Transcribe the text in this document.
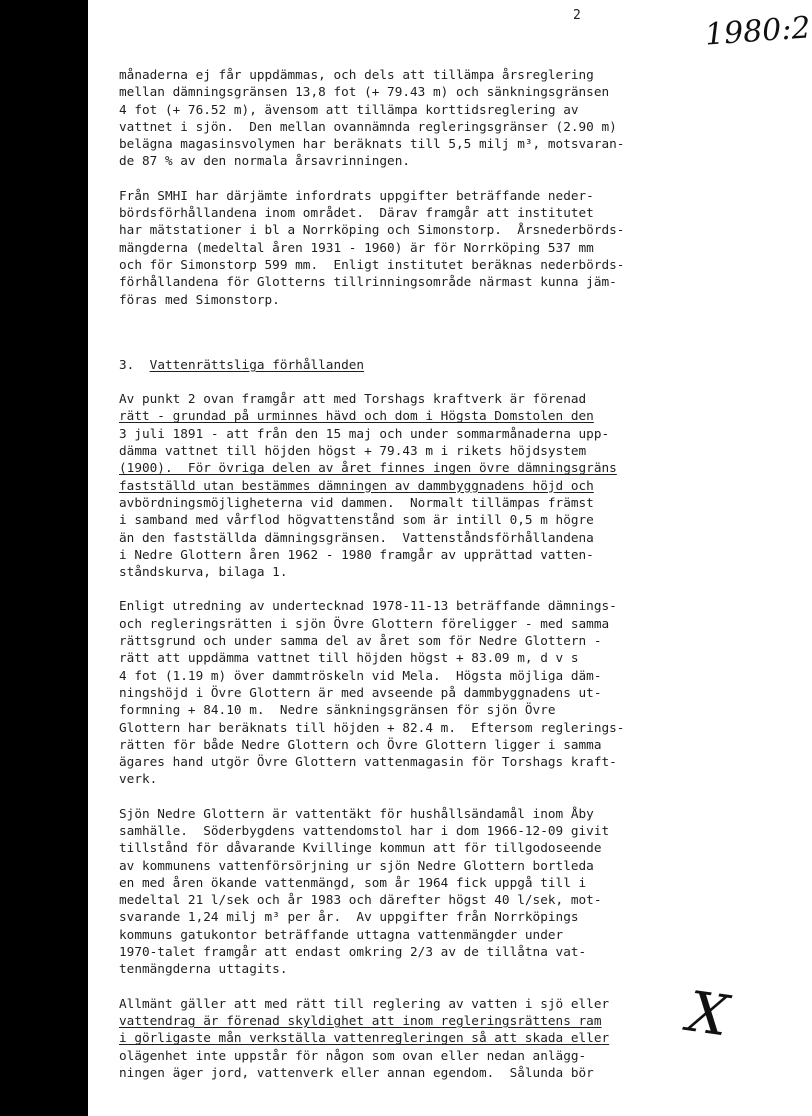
2	1980:2
X
månaderna ej får uppdämmas, och dels att tillämpa årsreglering
mellan dämningsgränsen 13,8 fot (+ 79.43 m) och sänkningsgränsen
4 fot (+ 76.52 m), ävensom att tillämpa korttidsreglering av
vattnet i sjön.  Den mellan ovannämnda regleringsgränser (2.90 m)
belägna magasinsvolymen har beräknats till 5,5 milj m³, motsvaran-
de 87 % av den normala årsavrinningen.
Från SMHI har därjämte infordrats uppgifter beträffande neder-
bördsförhållandena inom området.  Därav framgår att institutet
har mätstationer i bl a Norrköping och Simonstorp.  Årsnederbörds-
mängderna (medeltal åren 1931 - 1960) är för Norrköping 537 mm
och för Simonstorp 599 mm.  Enligt institutet beräknas nederbörds-
förhållandena för Glotterns tillrinningsområde närmast kunna jäm-
föras med Simonstorp.
3. Vattenrättsliga förhållanden
Av punkt 2 ovan framgår att med Torshags kraftverk är förenad
rätt - grundad på urminnes hävd och dom i Högsta Domstolen den
3 juli 1891 - att från den 15 maj och under sommarmånaderna upp-
dämma vattnet till höjden högst + 79.43 m i rikets höjdsystem
(1900).  För övriga delen av året finnes ingen övre dämningsgräns
fastställd utan bestämmes dämningen av dammbyggnadens höjd och
avbördningsmöjligheterna vid dammen.  Normalt tillämpas främst
i samband med vårflod högvattenstånd som är intill 0,5 m högre
än den fastställda dämningsgränsen.  Vattenståndsförhållandena
i Nedre Glottern åren 1962 - 1980 framgår av upprättad vatten-
ståndskurva, bilaga 1.
Enligt utredning av undertecknad 1978-11-13 beträffande dämnings-
och regleringsrätten i sjön Övre Glottern föreligger - med samma
rättsgrund och under samma del av året som för Nedre Glottern -
rätt att uppdämma vattnet till höjden högst + 83.09 m, d v s
4 fot (1.19 m) över dammtröskeln vid Mela.  Högsta möjliga däm-
ningshöjd i Övre Glottern är med avseende på dammbyggnadens ut-
formning + 84.10 m.  Nedre sänkningsgränsen för sjön Övre
Glottern har beräknats till höjden + 82.4 m.  Eftersom reglerings-
rätten för både Nedre Glottern och Övre Glottern ligger i samma
ägares hand utgör Övre Glottern vattenmagasin för Torshags kraft-
verk.
Sjön Nedre Glottern är vattentäkt för hushållsändamål inom Åby
samhälle.  Söderbygdens vattendomstol har i dom 1966-12-09 givit
tillstånd för dåvarande Kvillinge kommun att för tillgodoseende
av kommunens vattenförsörjning ur sjön Nedre Glottern bortleda
en med åren ökande vattenmängd, som år 1964 fick uppgå till i
medeltal 21 l/sek och år 1983 och därefter högst 40 l/sek, mot-
svarande 1,24 milj m³ per år.  Av uppgifter från Norrköpings
kommuns gatukontor beträffande uttagna vattenmängder under
1970-talet framgår att endast omkring 2/3 av de tillåtna vat-
tenmängderna uttagits.
Allmänt gäller att med rätt till reglering av vatten i sjö eller
vattendrag är förenad skyldighet att inom regleringsrättens ram
i görligaste mån verkställa vattenregleringen så att skada eller
olägenhet inte uppstår för någon som ovan eller nedan anlägg-
ningen äger jord, vattenverk eller annan egendom.  Sålunda bör
